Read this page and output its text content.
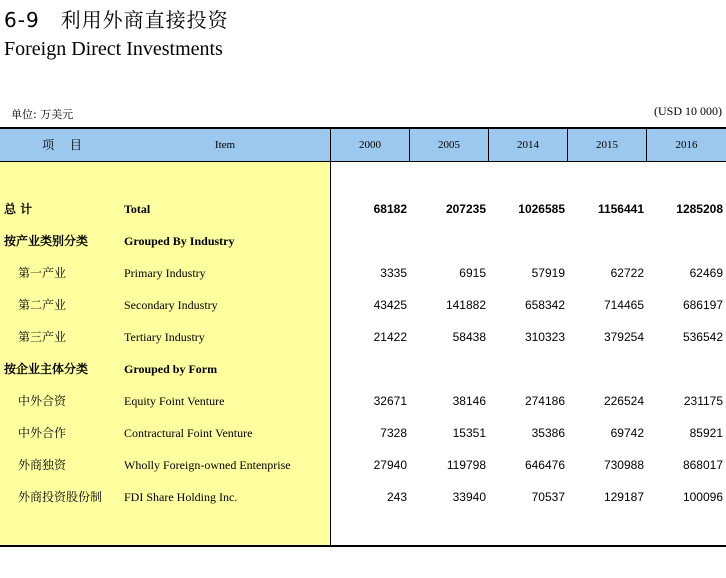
6-9　利用外商直接投资
Foreign Direct Investments
单位: 万美元	(USD 10 000)
项 目	Item	2000	2005	2014	2015	2016
总 计	Total	68182	207235	1026585	1156441	1285208
按产业类别分类	Grouped By Industry
第一产业	Primary Industry	3335	6915	57919	62722	62469
第二产业	Secondary Industry	43425	141882	658342	714465	686197
第三产业	Tertiary Industry	21422	58438	310323	379254	536542
按企业主体分类	Grouped by Form
中外合资	Equity Foint Venture	32671	38146	274186	226524	231175
中外合作	Contractural Foint Venture	7328	15351	35386	69742	85921
外商独资	Wholly Foreign-owned Entenprise	27940	119798	646476	730988	868017
外商投资股份制 FDI Share Holding Inc.	243	33940	70537	129187	100096
